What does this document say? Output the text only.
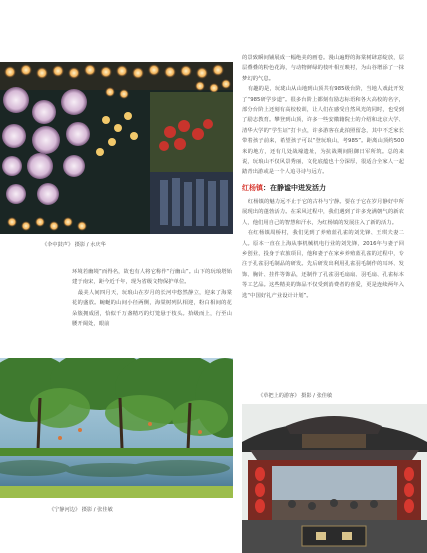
《伞中鼓声》 摄影 / 水庆华

环境若幽境”而得名，故也有人将它称作“行幽山”。山下的玩琅塔始建于南宋，距今近千年，现为省级文物保护单位。

最美人间四月天，玩琅山在岁月的长河中悠然静立，迎来了海棠花的盛放。蜿蜒的山间小径两侧，海棠树列队相迎，粉白相间的花朵簇拥成团，恰似千万盏精巧的灯笼悬于枝头。拾级而上，行至山腰开阔处，眼前

《宁静河边》 摄影 / 张佳敏

的景致瞬间铺展成一幅绝美的画卷。漫山遍野的海棠树肆意绽放，层层叠叠的粉色花海，与动物鲜绿的枝叶相互映衬，为山谷增添了一抹梦幻的气息。

有趣的是，玩珑山从山地到山顶共有985级台阶，当地人戏此开发了“985研学步道”。很多台阶上都刻有励志标语和各大高校的名字，部分台阶上还刻有高校校训，让人们在感受自然风光的同时，也受到了励志教育。攀登到山顶，许多一些安徽籍院士的介绍和北京大学、清华大学的“学生证”打卡点，许多游客在此拍照留念，其中不乏家长带着孩子前来，希望孩子可以“登玩琅山，考985”。距离山顶约500米的地方，还有几处战壕遗址，为抗战期间阻御日军所筑。总的来说，玩琅山不仅风景秀丽，文化底蕴也十分深厚，很适合全家人一起踏青出游或是一个人追寻诗与远方。

红杨镇：在静谧中迸发活力

红杨镇的魅力远不止于它的古朴与宁静。要在于它在岁月静好中所展现出的蓬勃活力。在采风过程中，我们遇到了许多充满朝气的新农人，他们用自己的智慧和汗水，为红杨镇的发展注入了新的活力。

在红杨镇周桥村，我们见到了养殖蓝孔雀的刘先锋、王琪夫妻二人。原本一直在上海从事机械机电行业的刘先锋，2016年与妻子回乡创业，投身于农旅项目，他和妻子在家乡养殖蓝孔雀的过程中，专注于孔雀羽毛制品的研发。先后研发出利用孔雀羽毛制作的耳环、发饰、胸针、挂件等饰品，还制作了孔雀羽毛扇扇、羽毛扇、孔雀标本等工艺品。这些精美的饰品不仅受到消费者的喜爱，更是连续两年入选“中国好礼产业设计计划”。

《草把上的游客》 摄影 / 张佳敏
